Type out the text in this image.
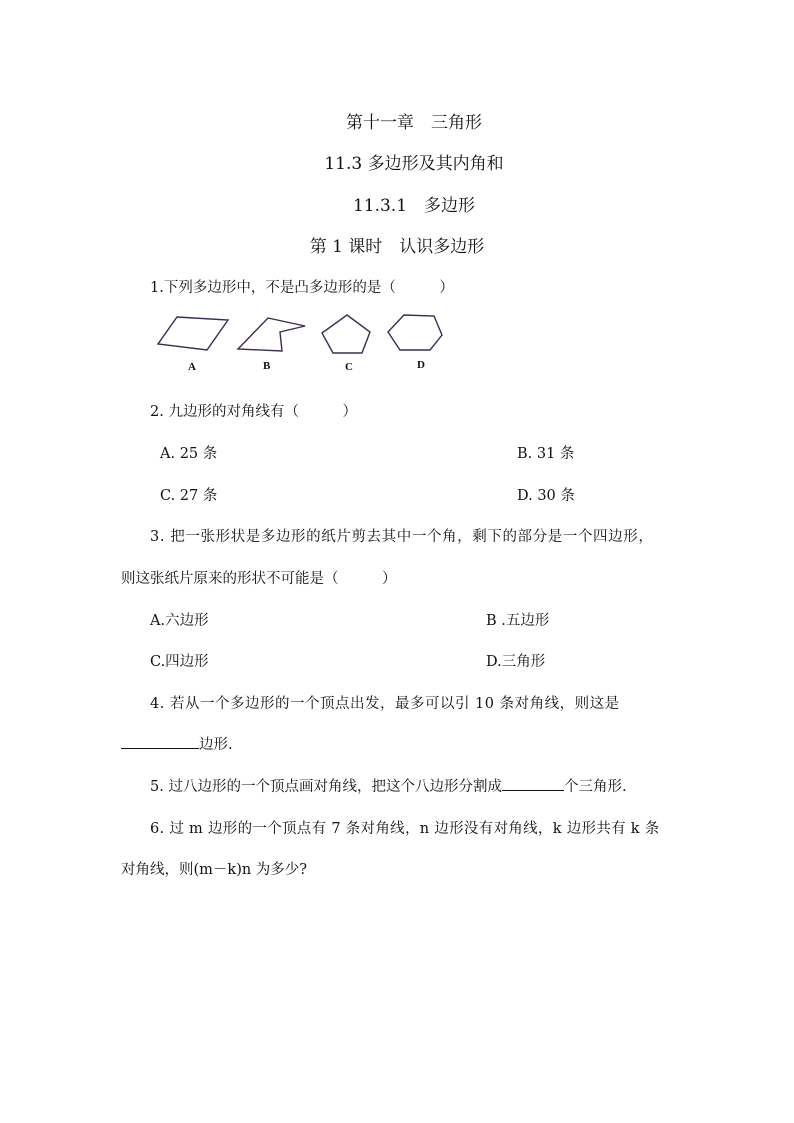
第十一章　三角形
11.3 多边形及其内角和
11.3.1　多边形
第 1 课时　认识多边形
1.下列多边形中，不是凸多边形的是（　　　）
A	B	C	D
2. 九边形的对角线有（　　　）
A. 25 条	B. 31 条
C. 27 条	D. 30 条
3. 把一张形状是多边形的纸片剪去其中一个角，剩下的部分是一个四边形，
则这张纸片原来的形状不可能是（　　　）
A.六边形	B .五边形
C.四边形	D.三角形
4. 若从一个多边形的一个顶点出发，最多可以引 10 条对角线，则这是
边形.
5. 过八边形的一个顶点画对角线，把这个八边形分割成	个三角形.
6. 过 m 边形的一个顶点有 7 条对角线，n 边形没有对角线，k 边形共有 k 条
对角线，则(m－k)n 为多少?
